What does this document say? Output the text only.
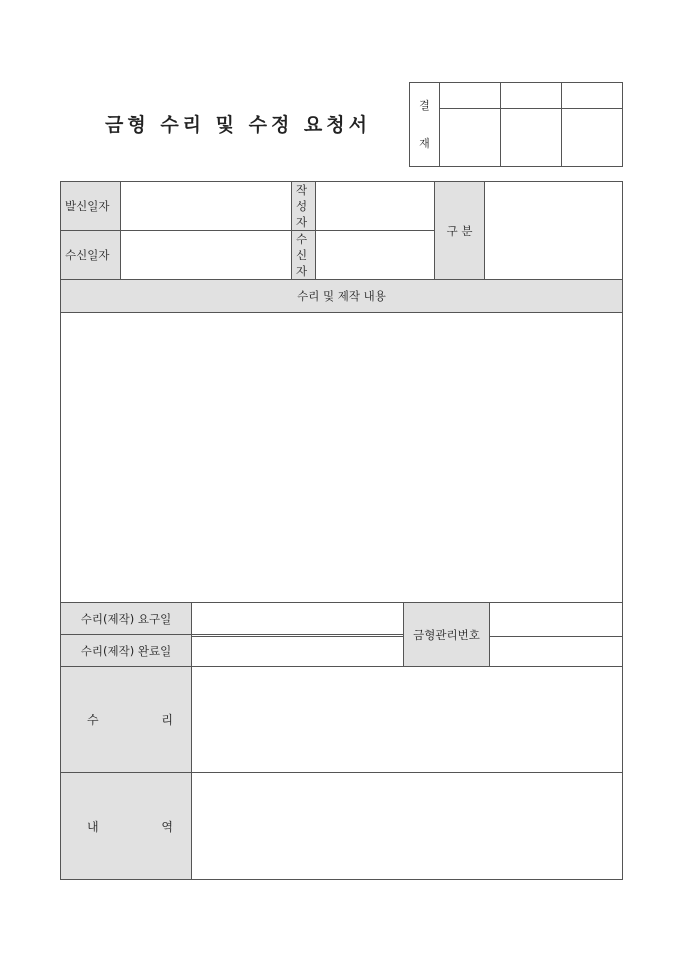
금형 수리 및 수정 요청서
결
재			

발신일자		작성자		구 분	
수신일자		수신자			
수리 및 제작 내용					

수리(제작) 요구일		금형관리번호	
수리(제작) 완료일			

수 리			

내 역			
